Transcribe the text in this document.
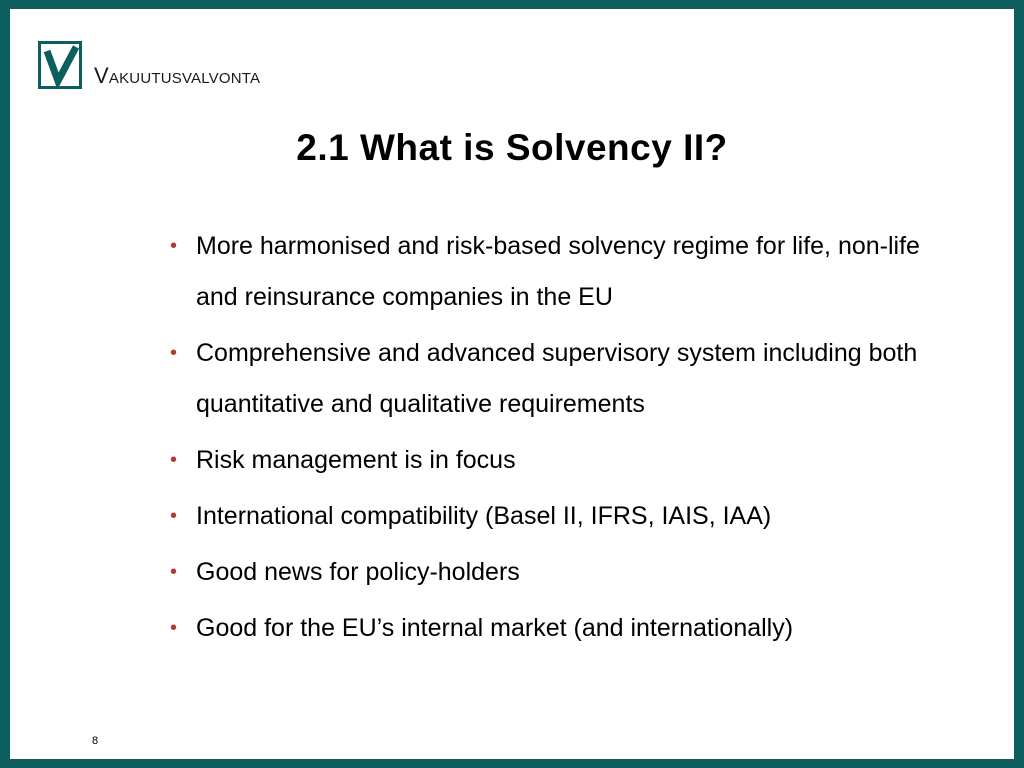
Vakuutusvalvonta
2.1 What is Solvency II?
• More harmonised and risk-based solvency regime for life, non-life and reinsurance companies in the EU
• Comprehensive and advanced supervisory system including both quantitative and qualitative requirements
• Risk management is in focus
• International compatibility (Basel II, IFRS, IAIS, IAA)
• Good news for policy-holders
• Good for the EU’s internal market (and internationally)
8
